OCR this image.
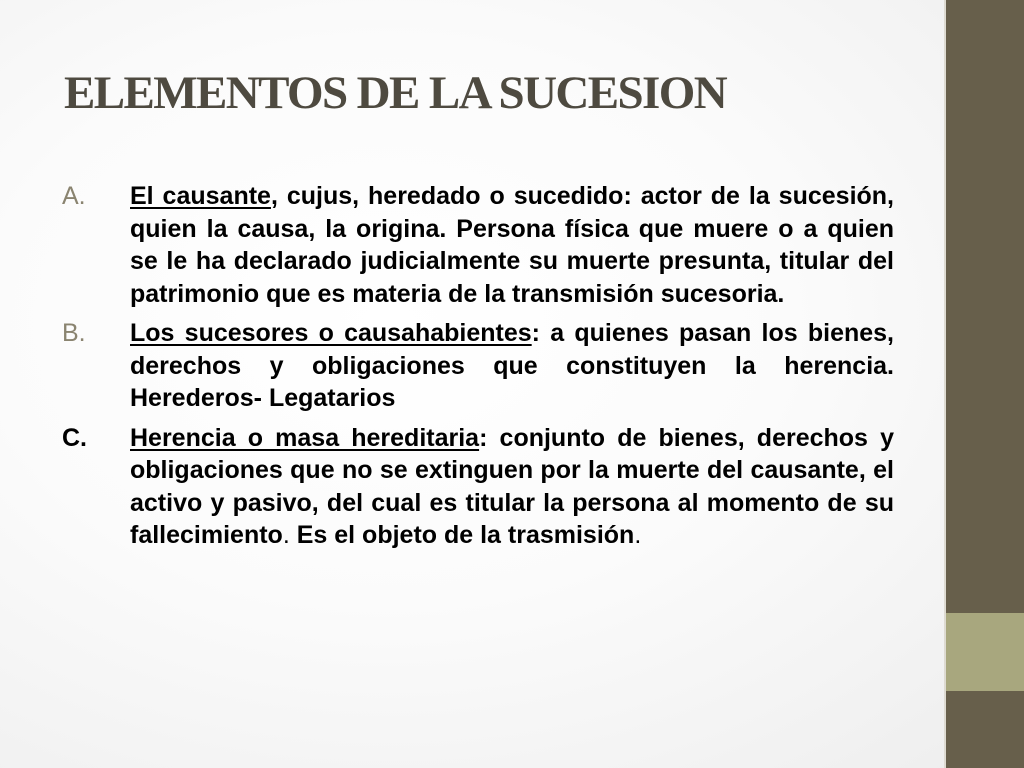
ELEMENTOS DE LA SUCESION
A. El causante, cujus, heredado o sucedido: actor de la sucesión, quien la causa, la origina. Persona física que muere o a quien se le ha declarado judicialmente su muerte presunta, titular del patrimonio que es materia de la transmisión sucesoria.
B. Los sucesores o causahabientes: a quienes pasan los bienes, derechos y obligaciones que constituyen la herencia. Herederos- Legatarios
C. Herencia o masa hereditaria: conjunto de bienes, derechos y obligaciones que no se extinguen por la muerte del causante, el activo y pasivo, del cual es titular la persona al momento de su fallecimiento. Es el objeto de la trasmisión.
